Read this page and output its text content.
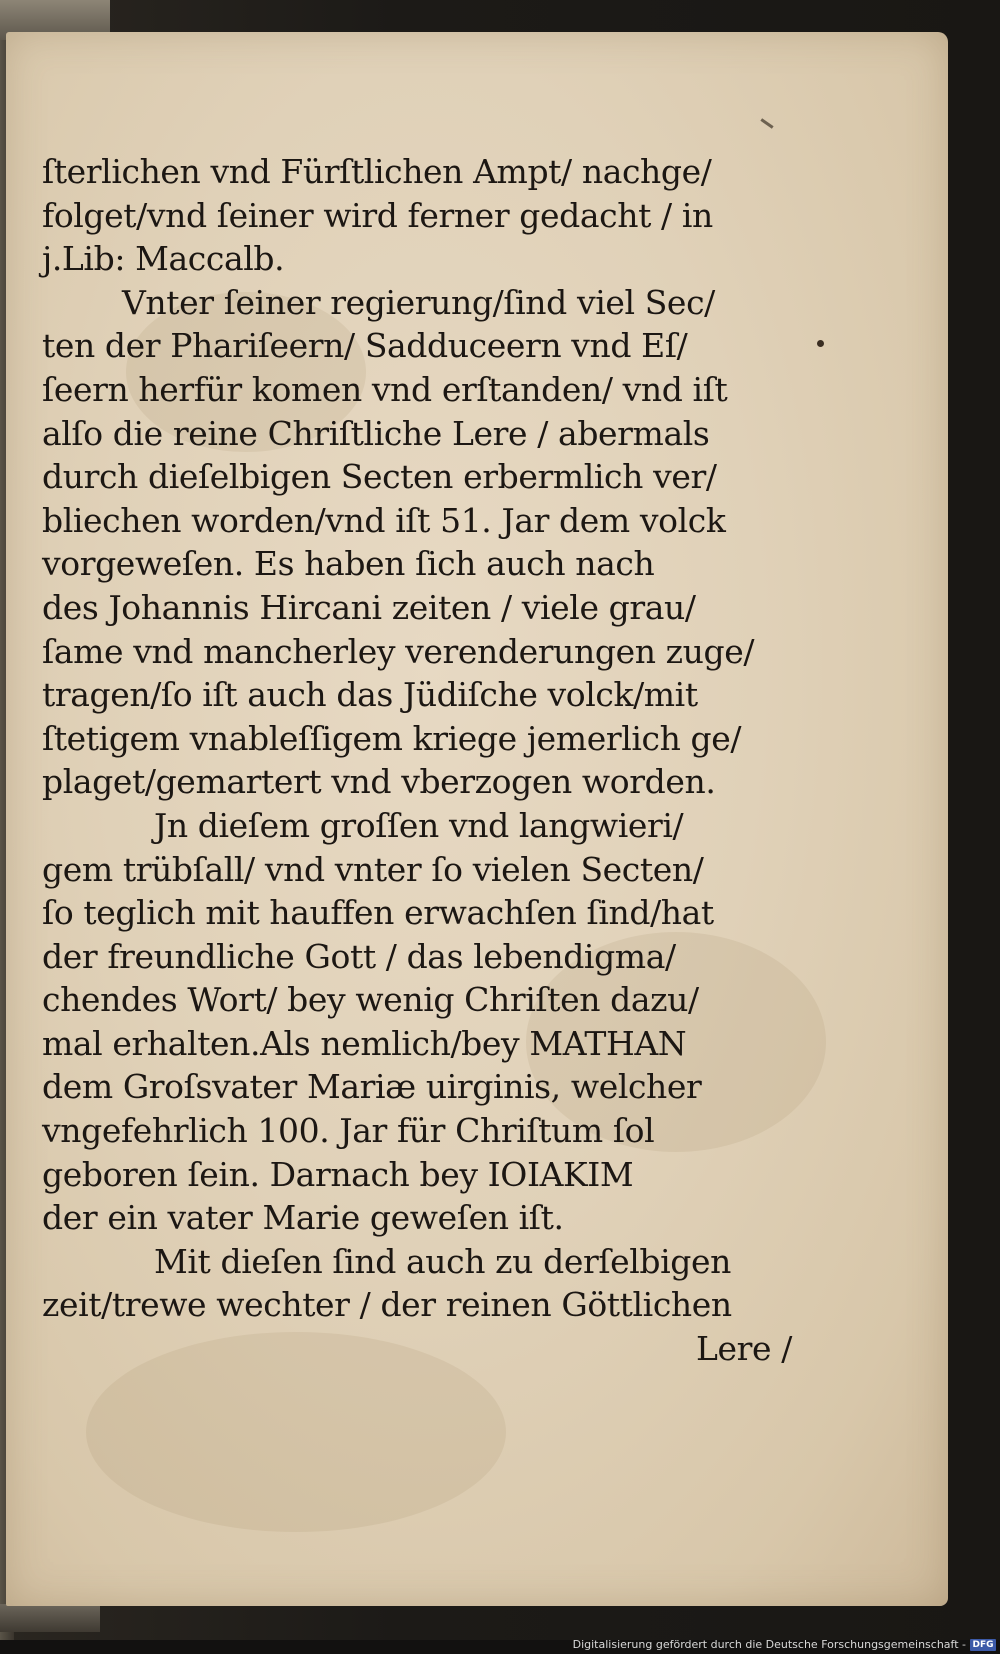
ſterlichen vnd Fürſtlichen Ampt/ nachge/
folget/vnd ſeiner wird ferner gedacht / in
j.Lib: Maccalb.
Vnter ſeiner regierung/ſind viel Sec/
ten der Phariſeern/ Sadduceern vnd Eſ/
ſeern herfür komen vnd erſtanden/ vnd iſt
alſo die reine Chriſtliche Lere / abermals
durch dieſelbigen Secten erbermlich ver/
bliechen worden/vnd iſt 51. Jar dem volck
vorgeweſen. Es haben ſich auch nach
des Johannis Hircani zeiten / viele grau/
ſame vnd mancherley verenderungen zuge/
tragen/ſo iſt auch das Jüdiſche volck/mit
ſtetigem vnableſſigem kriege jemerlich ge/
plaget/gemartert vnd vberzogen worden.
Jn dieſem groſſen vnd langwieri/
gem trübſall/ vnd vnter ſo vielen Secten/
ſo teglich mit hauffen erwachſen ſind/hat
der freundliche Gott / das lebendigma/
chendes Wort/ bey wenig Chriſten dazu/
mal erhalten.Als nemlich/bey MATHAN
dem Groſsvater Mariæ uirginis, welcher
vngefehrlich 100. Jar für Chriſtum ſol
geboren ſein. Darnach bey IOIAKIM
der ein vater Marie geweſen iſt.
Mit dieſen ſind auch zu derſelbigen
zeit/trewe wechter / der reinen Göttlichen
Lere /
Digitalisierung gefördert durch die Deutsche Forschungsgemeinschaft - DFG
